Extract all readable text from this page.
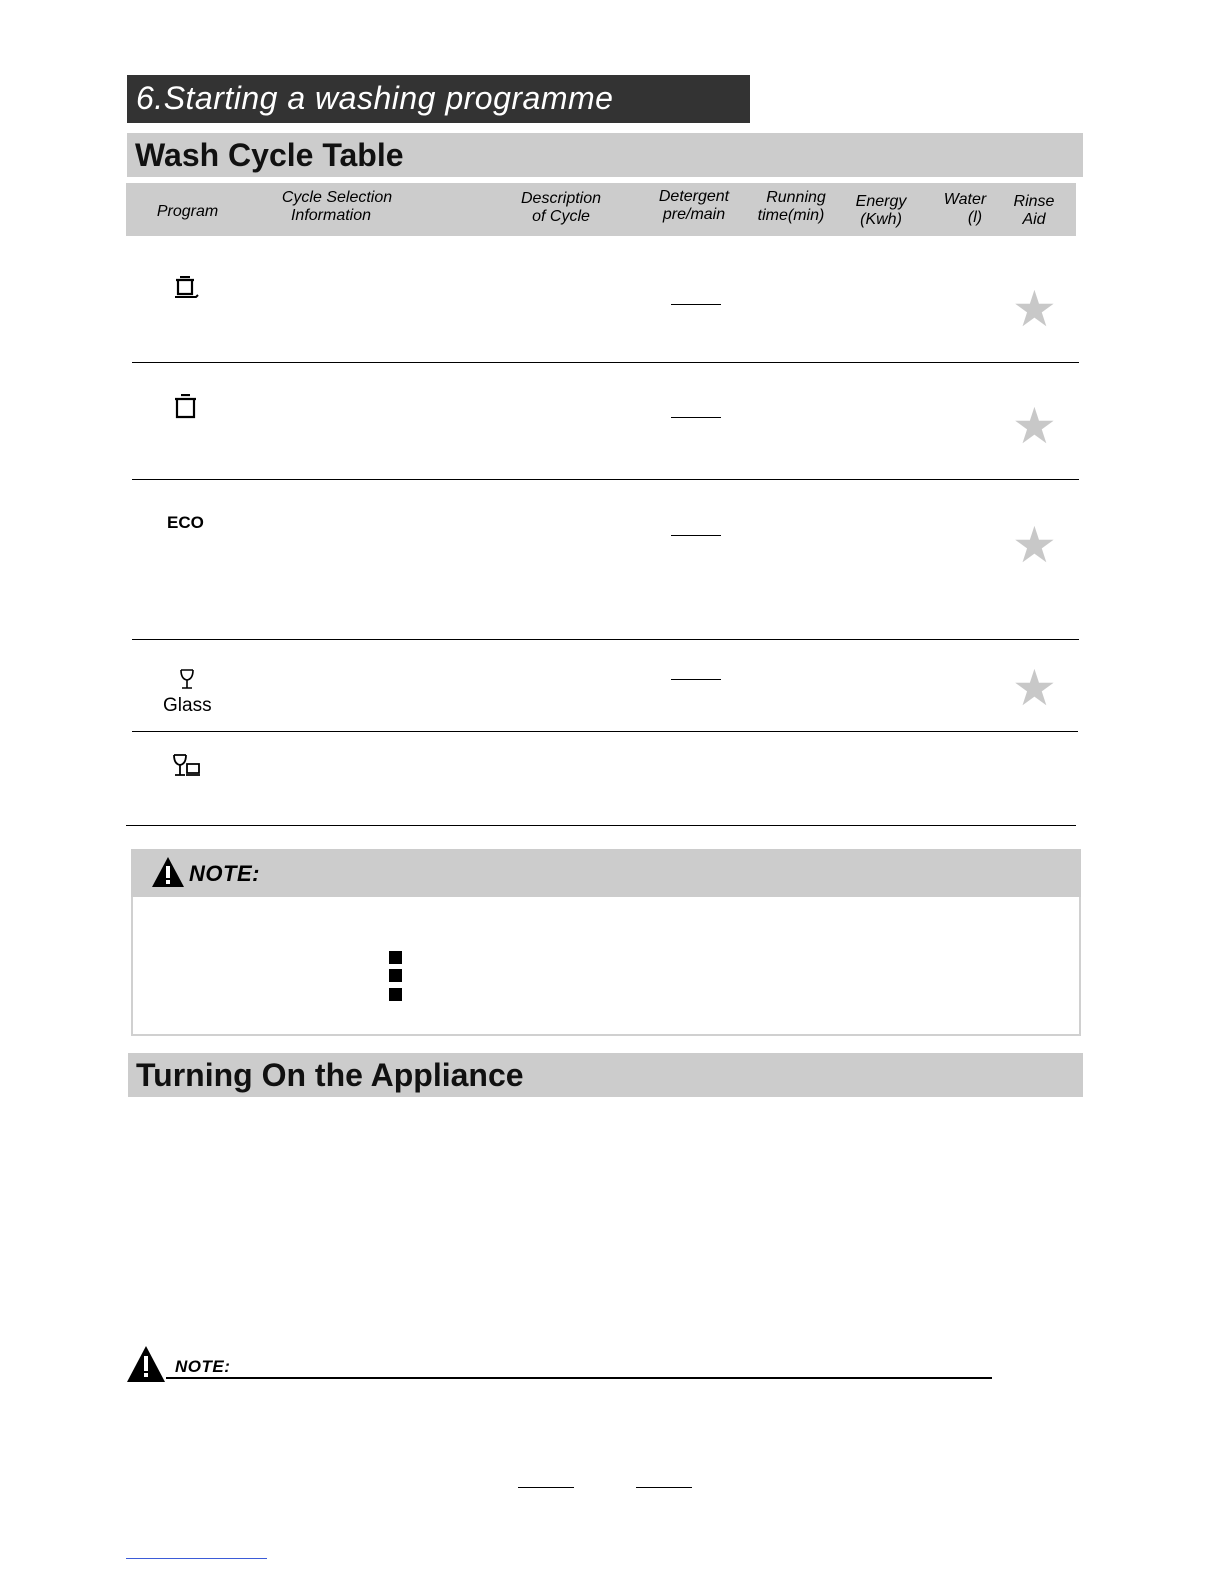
6.Starting a washing programme
Wash Cycle Table
Program
Cycle Selection
Information
Description
of Cycle
Detergent
pre/main
Running
time(min)
Energy
(Kwh)
Water
(l)
Rinse
Aid
★
★
ECO	★
Glass	★
NOTE:
Turning On the Appliance
NOTE:
